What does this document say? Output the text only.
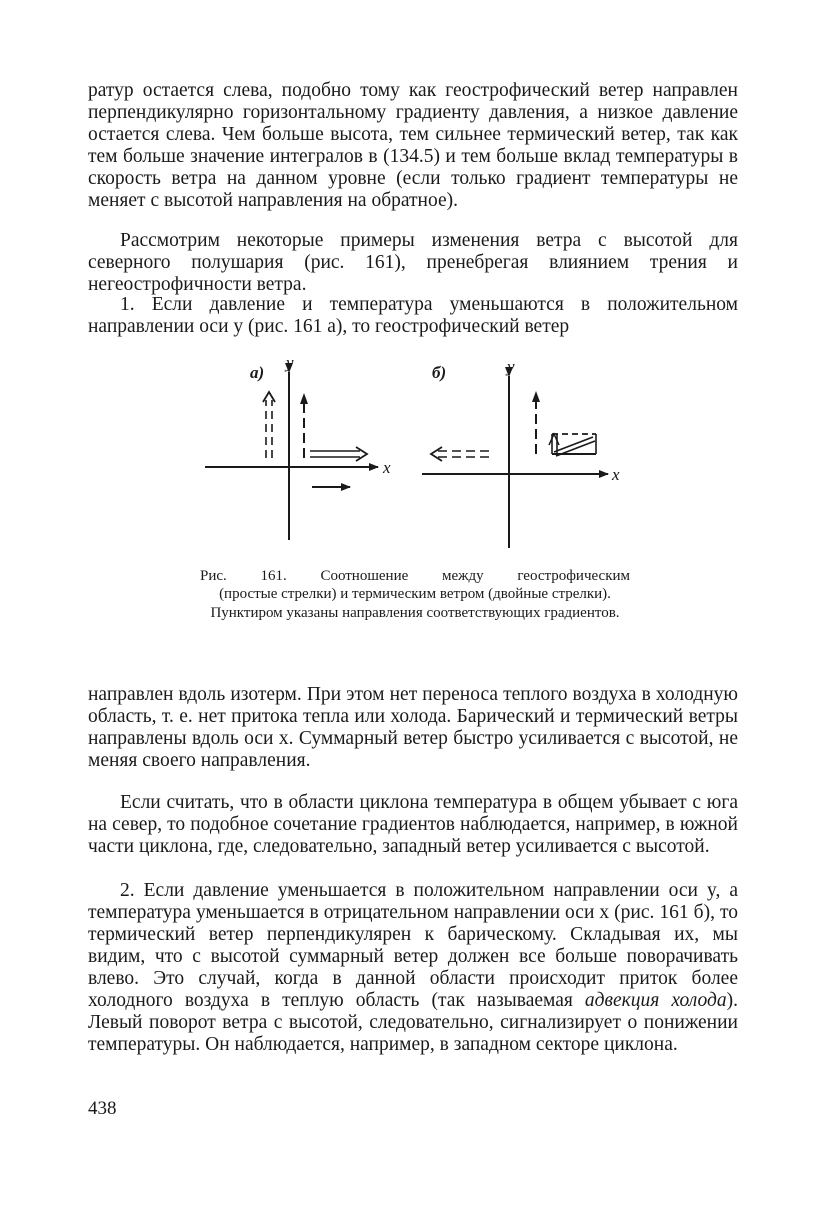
ратур остается слева, подобно тому как геострофический ветер направлен перпендикулярно горизонтальному градиенту давления, а низкое давление остается слева. Чем больше высота, тем сильнее термический ветер, так как тем больше значение интегралов в (134.5) и тем больше вклад температуры в скорость ветра на данном уровне (если только градиент температуры не меняет с высотой направления на обратное).

Рассмотрим некоторые примеры изменения ветра с высотой для северного полушария (рис. 161), пренебрегая влиянием трения и негеострофичности ветра.

1. Если давление и температура уменьшаются в положительном направлении оси y (рис. 161 а), то геострофический ветер

направлен вдоль изотерм. При этом нет переноса теплого воздуха в холодную область, т. е. нет притока тепла или холода. Барический и термический ветры направлены вдоль оси x. Суммарный ветер быстро усиливается с высотой, не меняя своего направления.

Если считать, что в области циклона температура в общем убывает с юга на север, то подобное сочетание градиентов наблюдается, например, в южной части циклона, где, следовательно, западный ветер усиливается с высотой.

2. Если давление уменьшается в положительном направлении оси y, а температура уменьшается в отрицательном направлении оси x (рис. 161 б), то термический ветер перпендикулярен к барическому. Складывая их, мы видим, что с высотой суммарный ветер должен все больше поворачивать влево. Это случай, когда в данной области происходит приток более холодного воздуха в теплую область (так называемая адвекция холода). Левый поворот ветра с высотой, следовательно, сигнализирует о понижении температуры. Он наблюдается, например, в западном секторе циклона.

а)
y
x
б)	y
x

Рис. 161. Соотношение между геострофическим
(простые стрелки) и термическим ветром (двойные стрелки).
Пунктиром указаны направления соответствующих градиентов.

438
